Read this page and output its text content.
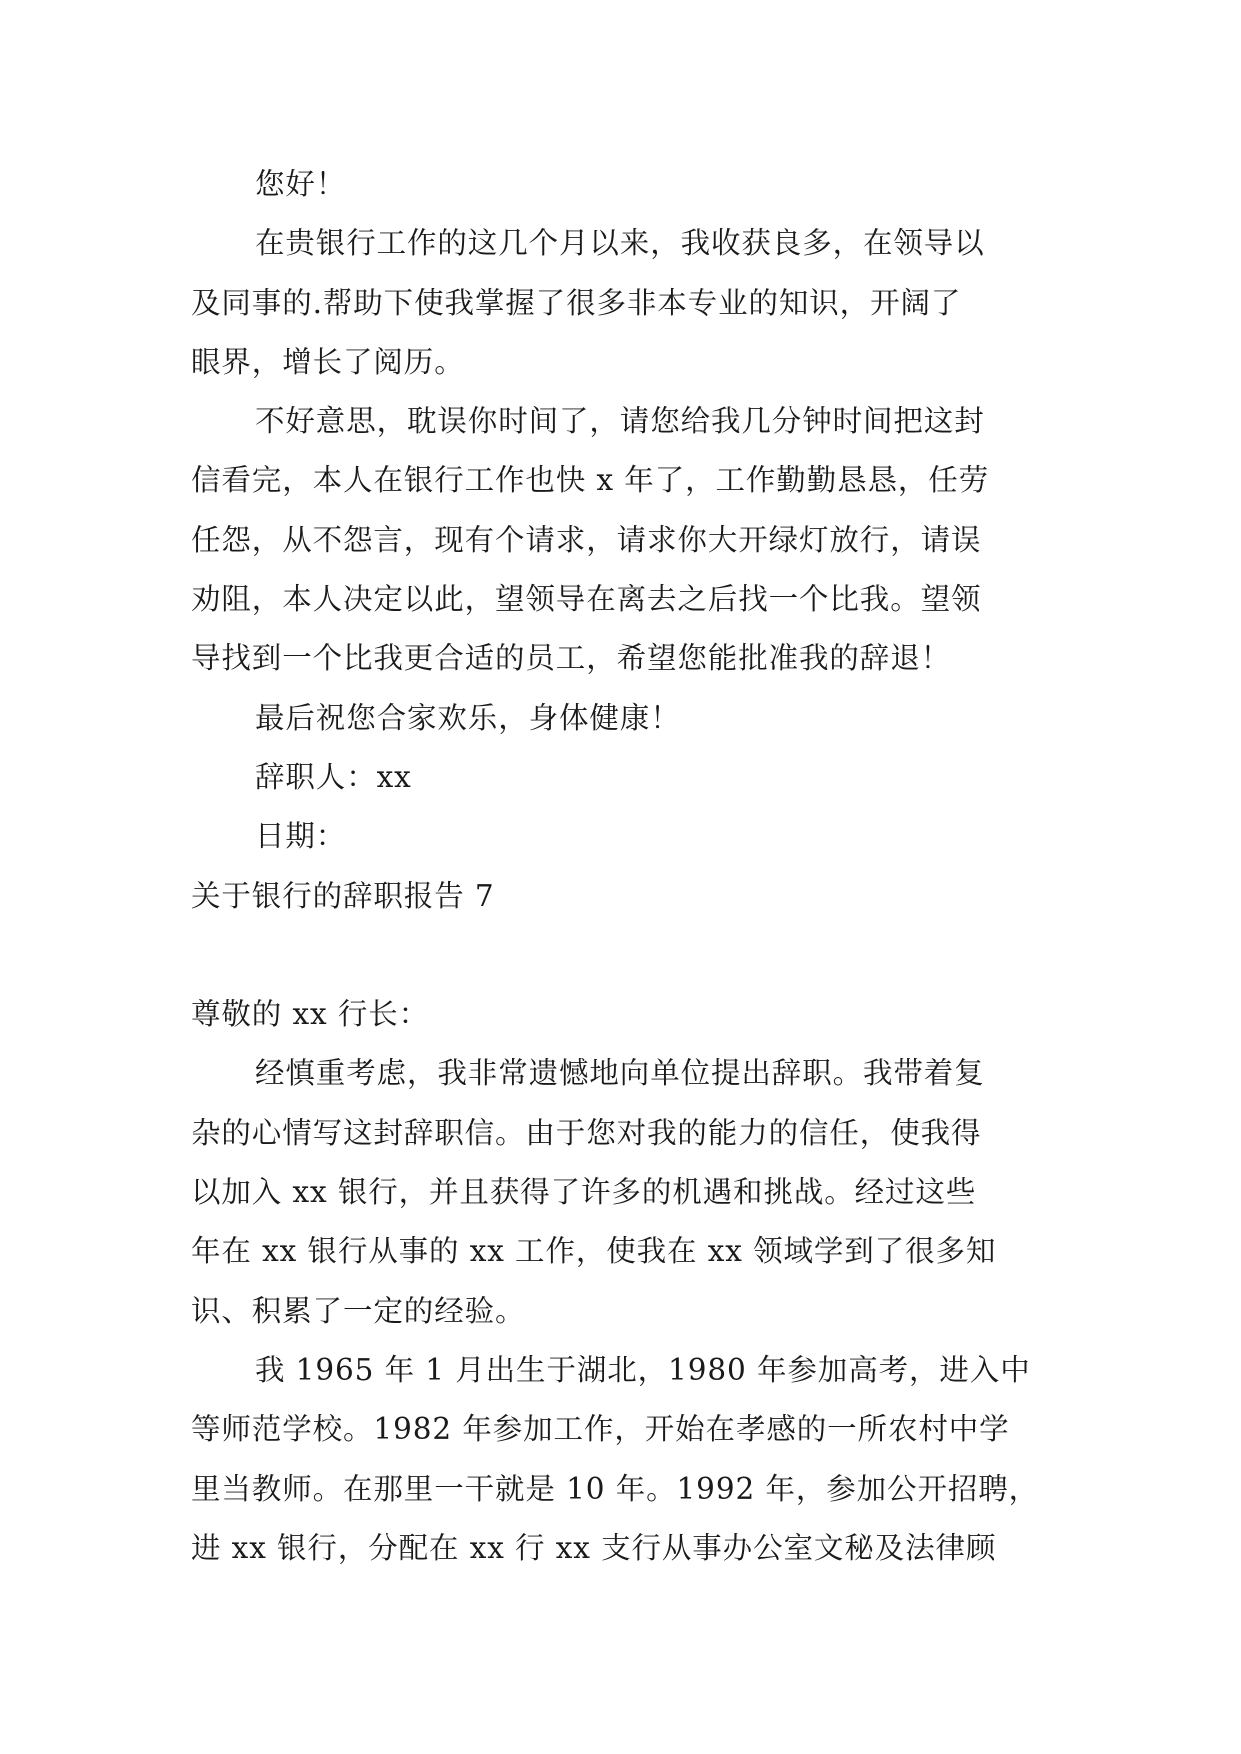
您好！
在贵银行工作的这几个月以来，我收获良多，在领导以
及同事的.帮助下使我掌握了很多非本专业的知识，开阔了
眼界，增长了阅历。
不好意思，耽误你时间了，请您给我几分钟时间把这封
信看完，本人在银行工作也快 x 年了，工作勤勤恳恳，任劳
任怨，从不怨言，现有个请求，请求你大开绿灯放行，请误
劝阻，本人决定以此，望领导在离去之后找一个比我。望领
导找到一个比我更合适的员工，希望您能批准我的辞退！
最后祝您合家欢乐，身体健康！
辞职人：xx
日期：
关于银行的辞职报告 7
尊敬的 xx 行长：
经慎重考虑，我非常遗憾地向单位提出辞职。我带着复
杂的心情写这封辞职信。由于您对我的能力的信任，使我得
以加入 xx 银行，并且获得了许多的机遇和挑战。经过这些
年在 xx 银行从事的 xx 工作，使我在 xx 领域学到了很多知
识、积累了一定的经验。
我 1965 年 1 月出生于湖北，1980 年参加高考，进入中
等师范学校。1982 年参加工作，开始在孝感的一所农村中学
里当教师。在那里一干就是 10 年。1992 年，参加公开招聘，
进 xx 银行，分配在 xx 行 xx 支行从事办公室文秘及法律顾
